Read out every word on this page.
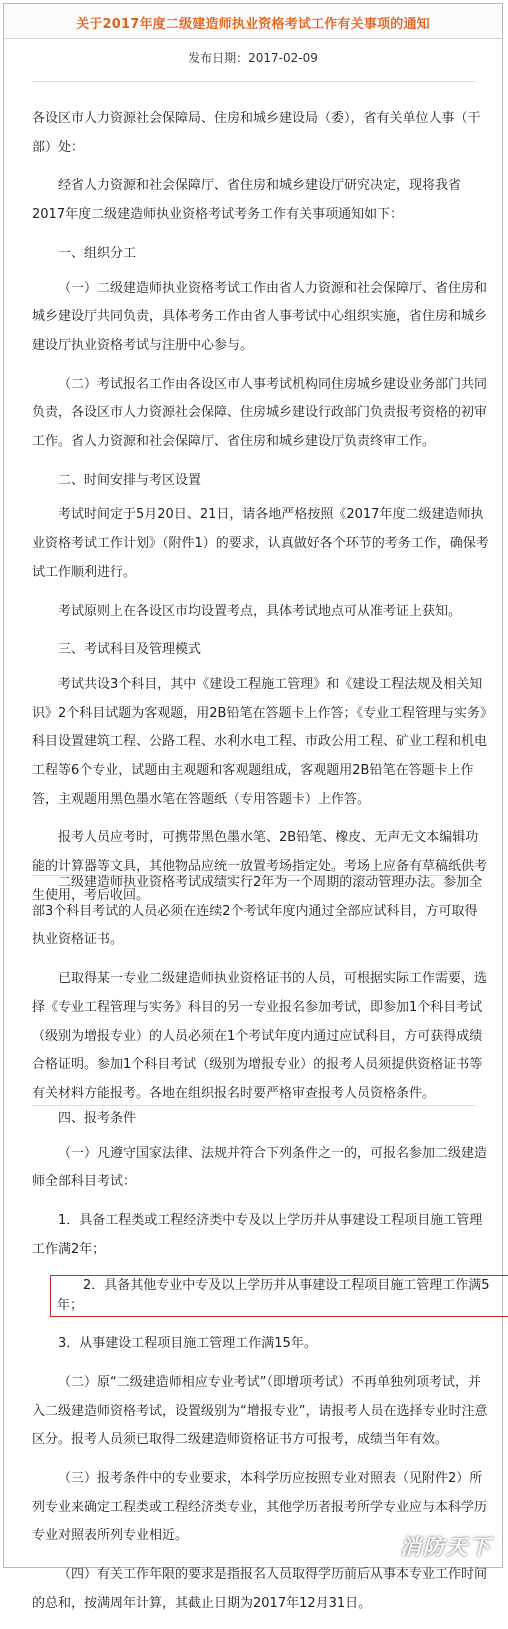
关于2017年度二级建造师执业资格考试工作有关事项的通知
发布日期：2017-02-09

各设区市人力资源社会保障局、住房和城乡建设局（委），省有关单位人事（干部）处：

经省人力资源和社会保障厅、省住房和城乡建设厅研究决定，现将我省2017年度二级建造师执业资格考试考务工作有关事项通知如下：

一、组织分工

（一）二级建造师执业资格考试工作由省人力资源和社会保障厅、省住房和城乡建设厅共同负责，具体考务工作由省人事考试中心组织实施，省住房和城乡建设厅执业资格考试与注册中心参与。

（二）考试报名工作由各设区市人事考试机构同住房城乡建设业务部门共同负责，各设区市人力资源社会保障、住房城乡建设行政部门负责报考资格的初审工作。省人力资源和社会保障厅、省住房和城乡建设厅负责终审工作。

二、时间安排与考区设置

考试时间定于5月20日、21日，请各地严格按照《2017年度二级建造师执业资格考试工作计划》（附件1）的要求，认真做好各个环节的考务工作，确保考试工作顺利进行。

考试原则上在各设区市均设置考点，具体考试地点可从准考证上获知。

三、考试科目及管理模式

考试共设3个科目，其中《建设工程施工管理》和《建设工程法规及相关知识》2个科目试题为客观题，用2B铅笔在答题卡上作答；《专业工程管理与实务》科目设置建筑工程、公路工程、水利水电工程、市政公用工程、矿业工程和机电工程等6个专业，试题由主观题和客观题组成，客观题用2B铅笔在答题卡上作答，主观题用黑色墨水笔在答题纸（专用答题卡）上作答。

报考人员应考时，可携带黑色墨水笔、2B铅笔、橡皮、无声无文本编辑功能的计算器等文具，其他物品应统一放置考场指定处。考场上应备有草稿纸供考生使用，考后收回。

二级建造师执业资格考试成绩实行2年为一个周期的滚动管理办法。参加全部3个科目考试的人员必须在连续2个考试年度内通过全部应试科目，方可取得执业资格证书。

已取得某一专业二级建造师执业资格证书的人员，可根据实际工作需要，选择《专业工程管理与实务》科目的另一专业报名参加考试，即参加1个科目考试（级别为增报专业）的人员必须在1个考试年度内通过应试科目，方可获得成绩合格证明。参加1个科目考试（级别为增报专业）的报考人员须提供资格证书等有关材料方能报考。各地在组织报名时要严格审查报考人员资格条件。

四、报考条件

（一）凡遵守国家法律、法规并符合下列条件之一的，可报名参加二级建造师全部科目考试：

1．具备工程类或工程经济类中专及以上学历并从事建设工程项目施工管理工作满2年；

2．具备其他专业中专及以上学历并从事建设工程项目施工管理工作满5年；

3．从事建设工程项目施工管理工作满15年。

（二）原“二级建造师相应专业考试”（即增项考试）不再单独列项考试，并入二级建造师资格考试，设置级别为“增报专业”，请报考人员在选择专业时注意区分。报考人员须已取得二级建造师资格证书方可报考，成绩当年有效。

（三）报考条件中的专业要求，本科学历应按照专业对照表（见附件2）所列专业来确定工程类或工程经济类专业，其他学历者报考所学专业应与本科学历专业对照表所列专业相近。

（四）有关工作年限的要求是指报名人员取得学历前后从事本专业工作时间的总和，按满周年计算，其截止日期为2017年12月31日。

消防天下
